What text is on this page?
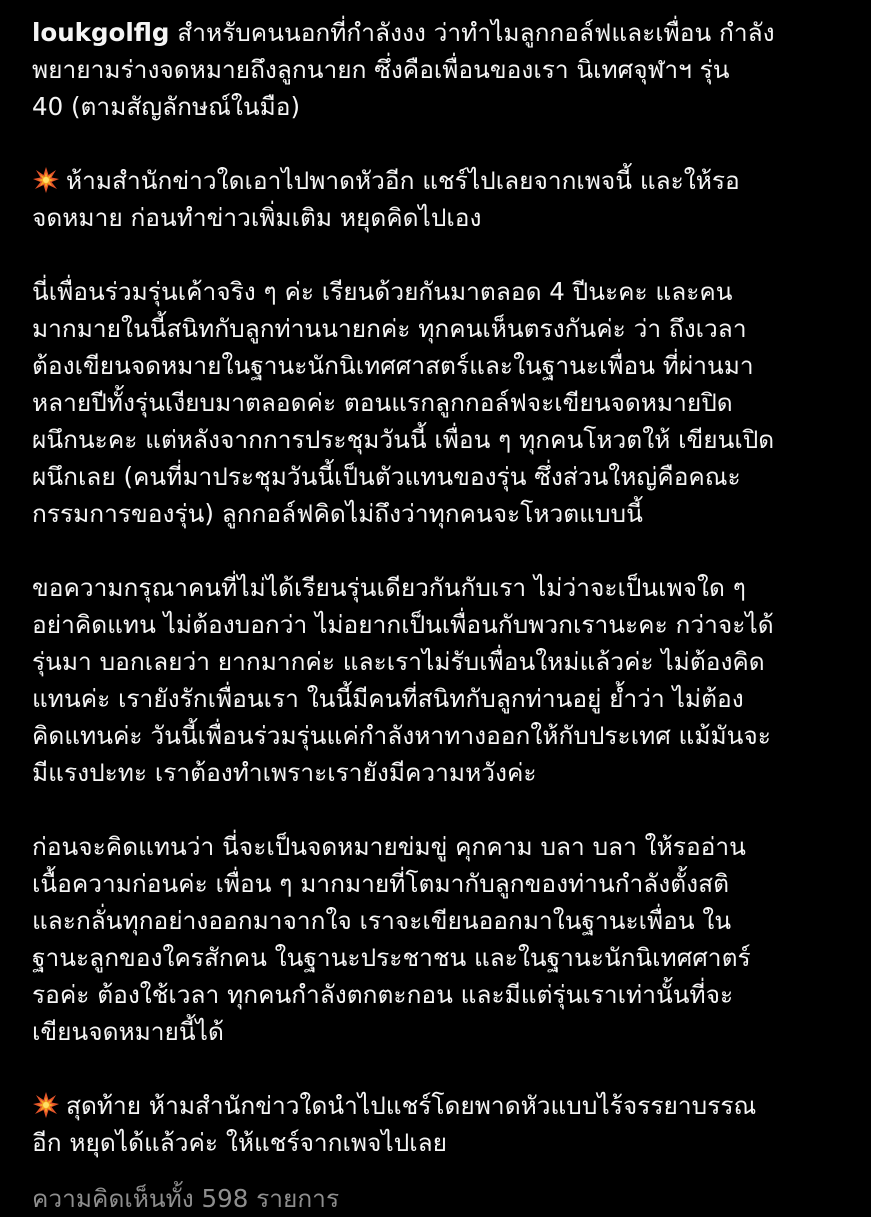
loukgolflg สำหรับคนนอกที่กำลังงง ว่าทำไมลูกกอล์ฟและเพื่อน กำลัง
พยายามร่างจดหมายถึงลูกนายก ซึ่งคือเพื่อนของเรา นิเทศจุฬาฯ รุ่น
40 (ตามสัญลักษณ์ในมือ)

ห้ามสำนักข่าวใดเอาไปพาดหัวอีก แชร์ไปเลยจากเพจนี้ และให้รอ
จดหมาย ก่อนทำข่าวเพิ่มเติม หยุดคิดไปเอง

นี่เพื่อนร่วมรุ่นเค้าจริง ๆ ค่ะ เรียนด้วยกันมาตลอด 4 ปีนะคะ และคน
มากมายในนี้สนิทกับลูกท่านนายกค่ะ ทุกคนเห็นตรงกันค่ะ ว่า ถึงเวลา
ต้องเขียนจดหมายในฐานะนักนิเทศศาสตร์และในฐานะเพื่อน ที่ผ่านมา
หลายปีทั้งรุ่นเงียบมาตลอดค่ะ ตอนแรกลูกกอล์ฟจะเขียนจดหมายปิด
ผนึกนะคะ แต่หลังจากการประชุมวันนี้ เพื่อน ๆ ทุกคนโหวตให้ เขียนเปิด
ผนึกเลย (คนที่มาประชุมวันนี้เป็นตัวแทนของรุ่น ซึ่งส่วนใหญ่คือคณะ
กรรมการของรุ่น) ลูกกอล์ฟคิดไม่ถึงว่าทุกคนจะโหวตแบบนี้

ขอความกรุณาคนที่ไม่ได้เรียนรุ่นเดียวกันกับเรา ไม่ว่าจะเป็นเพจใด ๆ
อย่าคิดแทน ไม่ต้องบอกว่า ไม่อยากเป็นเพื่อนกับพวกเรานะคะ กว่าจะได้
รุ่นมา บอกเลยว่า ยากมากค่ะ และเราไม่รับเพื่อนใหม่แล้วค่ะ ไม่ต้องคิด
แทนค่ะ เรายังรักเพื่อนเรา ในนี้มีคนที่สนิทกับลูกท่านอยู่ ย้ำว่า ไม่ต้อง
คิดแทนค่ะ วันนี้เพื่อนร่วมรุ่นแค่กำลังหาทางออกให้กับประเทศ แม้มันจะ
มีแรงปะทะ เราต้องทำเพราะเรายังมีความหวังค่ะ

ก่อนจะคิดแทนว่า นี่จะเป็นจดหมายข่มขู่ คุกคาม บลา บลา ให้รออ่าน
เนื้อความก่อนค่ะ เพื่อน ๆ มากมายที่โตมากับลูกของท่านกำลังตั้งสติ
และกลั่นทุกอย่างออกมาจากใจ เราจะเขียนออกมาในฐานะเพื่อน ใน
ฐานะลูกของใครสักคน ในฐานะประชาชน และในฐานะนักนิเทศศาตร์
รอค่ะ ต้องใช้เวลา ทุกคนกำลังตกตะกอน และมีแต่รุ่นเราเท่านั้นที่จะ
เขียนจดหมายนี้ได้

สุดท้าย ห้ามสำนักข่าวใดนำไปแชร์โดยพาดหัวแบบไร้จรรยาบรรณ
อีก หยุดได้แล้วค่ะ ให้แชร์จากเพจไปเลย

ความคิดเห็นทั้ง 598 รายการ
